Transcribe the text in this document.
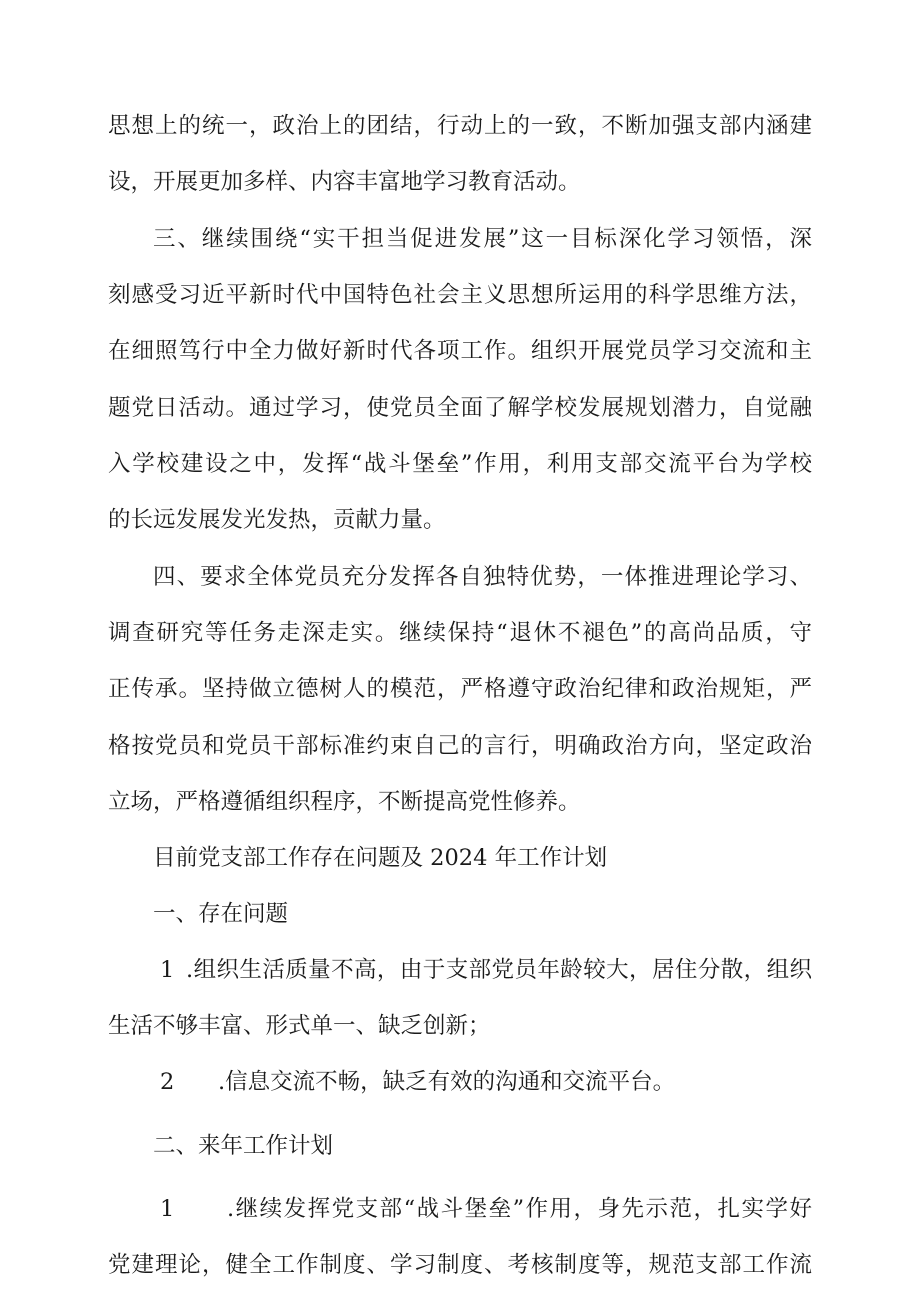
思想上的统一，政治上的团结，行动上的一致，不断加强支部内涵建
设，开展更加多样、内容丰富地学习教育活动。
三、继续围绕“实干担当促进发展”这一目标深化学习领悟，深
刻感受习近平新时代中国特色社会主义思想所运用的科学思维方法，
在细照笃行中全力做好新时代各项工作。组织开展党员学习交流和主
题党日活动。通过学习，使党员全面了解学校发展规划潜力，自觉融
入学校建设之中，发挥“战斗堡垒”作用，利用支部交流平台为学校
的长远发展发光发热，贡献力量。
四、要求全体党员充分发挥各自独特优势，一体推进理论学习、
调查研究等任务走深走实。继续保持“退休不褪色”的高尚品质，守
正传承。坚持做立德树人的模范，严格遵守政治纪律和政治规矩，严
格按党员和党员干部标准约束自己的言行，明确政治方向，坚定政治
立场，严格遵循组织程序，不断提高党性修养。
目前党支部工作存在问题及 2024 年工作计划
一、存在问题
1 .组织生活质量不高，由于支部党员年龄较大，居住分散，组织
生活不够丰富、形式单一、缺乏创新；
2 .信息交流不畅，缺乏有效的沟通和交流平台。
二、来年工作计划
1 .继续发挥党支部“战斗堡垒”作用，身先示范，扎实学好
党建理论，健全工作制度、学习制度、考核制度等，规范支部工作流
